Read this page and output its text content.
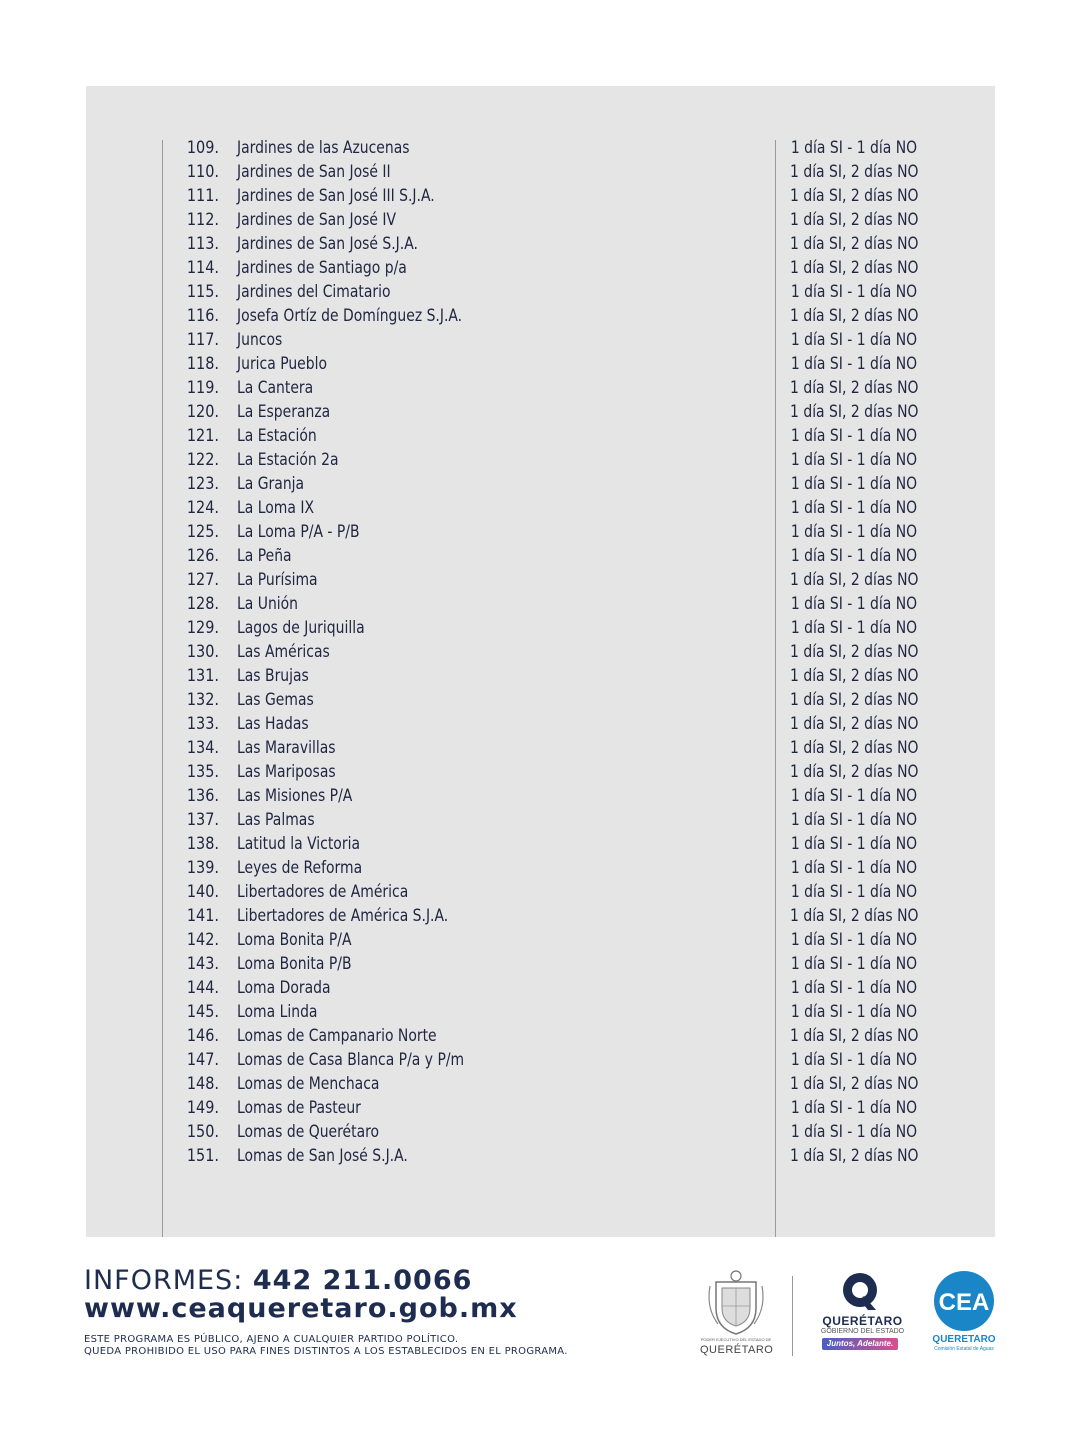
109. Jardines de las Azucenas	1 día SI - 1 día NO
110. Jardines de San José II	1 día SI, 2 días NO
111. Jardines de San José III S.J.A.	1 día SI, 2 días NO
112. Jardines de San José IV	1 día SI, 2 días NO
113. Jardines de San José S.J.A.	1 día SI, 2 días NO
114. Jardines de Santiago p/a	1 día SI, 2 días NO
115. Jardines del Cimatario	1 día SI - 1 día NO
116. Josefa Ortíz de Domínguez S.J.A.	1 día SI, 2 días NO
117. Juncos	1 día SI - 1 día NO
118. Jurica Pueblo	1 día SI - 1 día NO
119. La Cantera	1 día SI, 2 días NO
120. La Esperanza	1 día SI, 2 días NO
121. La Estación	1 día SI - 1 día NO
122. La Estación 2a	1 día SI - 1 día NO
123. La Granja	1 día SI - 1 día NO
124. La Loma IX	1 día SI - 1 día NO
125. La Loma P/A - P/B	1 día SI - 1 día NO
126. La Peña	1 día SI - 1 día NO
127. La Purísima	1 día SI, 2 días NO
128. La Unión	1 día SI - 1 día NO
129. Lagos de Juriquilla	1 día SI - 1 día NO
130. Las Américas	1 día SI, 2 días NO
131. Las Brujas	1 día SI, 2 días NO
132. Las Gemas	1 día SI, 2 días NO
133. Las Hadas	1 día SI, 2 días NO
134. Las Maravillas	1 día SI, 2 días NO
135. Las Mariposas	1 día SI, 2 días NO
136. Las Misiones P/A	1 día SI - 1 día NO
137. Las Palmas	1 día SI - 1 día NO
138. Latitud la Victoria	1 día SI - 1 día NO
139. Leyes de Reforma	1 día SI - 1 día NO
140. Libertadores de América	1 día SI - 1 día NO
141. Libertadores de América S.J.A.	1 día SI, 2 días NO
142. Loma Bonita P/A	1 día SI - 1 día NO
143. Loma Bonita P/B	1 día SI - 1 día NO
144. Loma Dorada	1 día SI - 1 día NO
145. Loma Linda	1 día SI - 1 día NO
146. Lomas de Campanario Norte	1 día SI, 2 días NO
147. Lomas de Casa Blanca P/a y P/m	1 día SI - 1 día NO
148. Lomas de Menchaca	1 día SI, 2 días NO
149. Lomas de Pasteur	1 día SI - 1 día NO
150. Lomas de Querétaro	1 día SI - 1 día NO
151. Lomas de San José S.J.A.	1 día SI, 2 días NO
INFORMES: 442 211.0066
www.ceaqueretaro.gob.mx
ESTE PROGRAMA ES PÚBLICO, AJENO A CUALQUIER PARTIDO POLÍTICO.
QUEDA PROHIBIDO EL USO PARA FINES DISTINTOS A LOS ESTABLECIDOS EN EL PROGRAMA.
PODER EJECUTIVO DEL ESTADO DE
QUERÉTARO
QUERÉTARO
GOBIERNO DEL ESTADO
Juntos, Adelante.
CEA
QUERETARO
Comisión Estatal de Aguas
